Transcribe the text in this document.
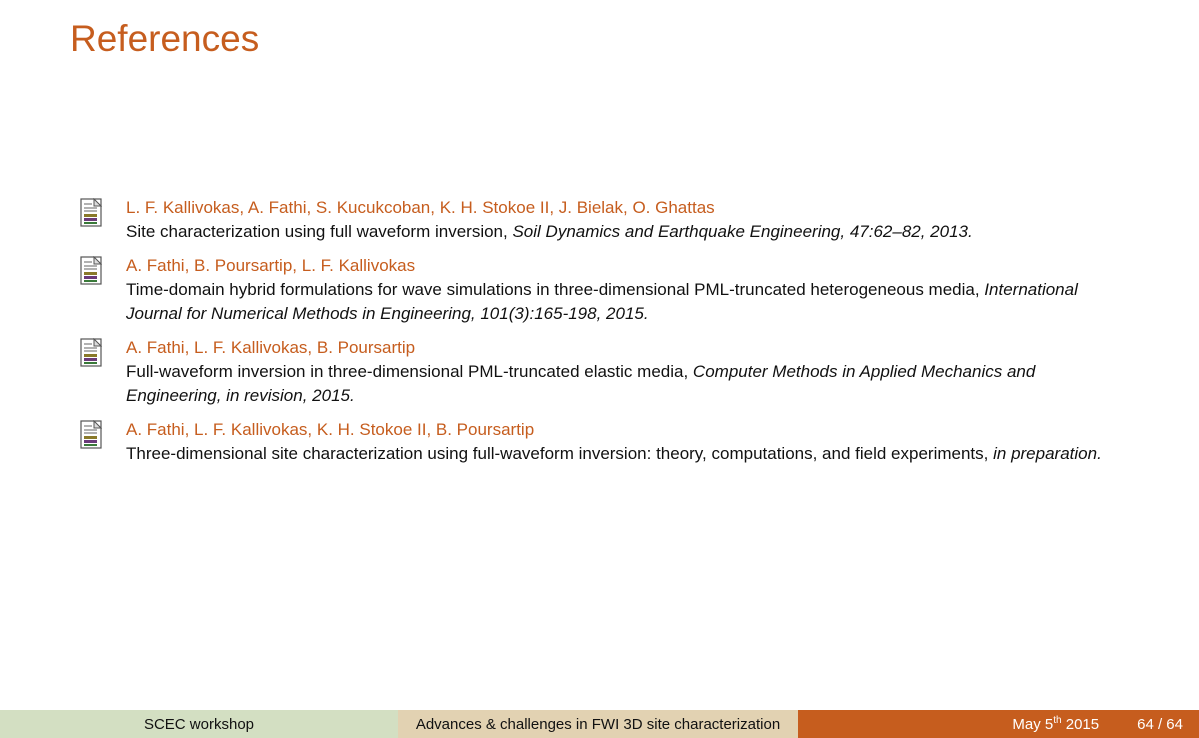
References
L. F. Kallivokas, A. Fathi, S. Kucukcoban, K. H. Stokoe II, J. Bielak, O. Ghattas
Site characterization using full waveform inversion, Soil Dynamics and Earthquake Engineering, 47:62–82, 2013.
A. Fathi, B. Poursartip, L. F. Kallivokas
Time-domain hybrid formulations for wave simulations in three-dimensional PML-truncated heterogeneous media, International Journal for Numerical Methods in Engineering, 101(3):165-198, 2015.
A. Fathi, L. F. Kallivokas, B. Poursartip
Full-waveform inversion in three-dimensional PML-truncated elastic media, Computer Methods in Applied Mechanics and Engineering, in revision, 2015.
A. Fathi, L. F. Kallivokas, K. H. Stokoe II, B. Poursartip
Three-dimensional site characterization using full-waveform inversion: theory, computations, and field experiments, in preparation.
SCEC workshop	Advances & challenges in FWI 3D site characterization	May 5th 2015	64 / 64
